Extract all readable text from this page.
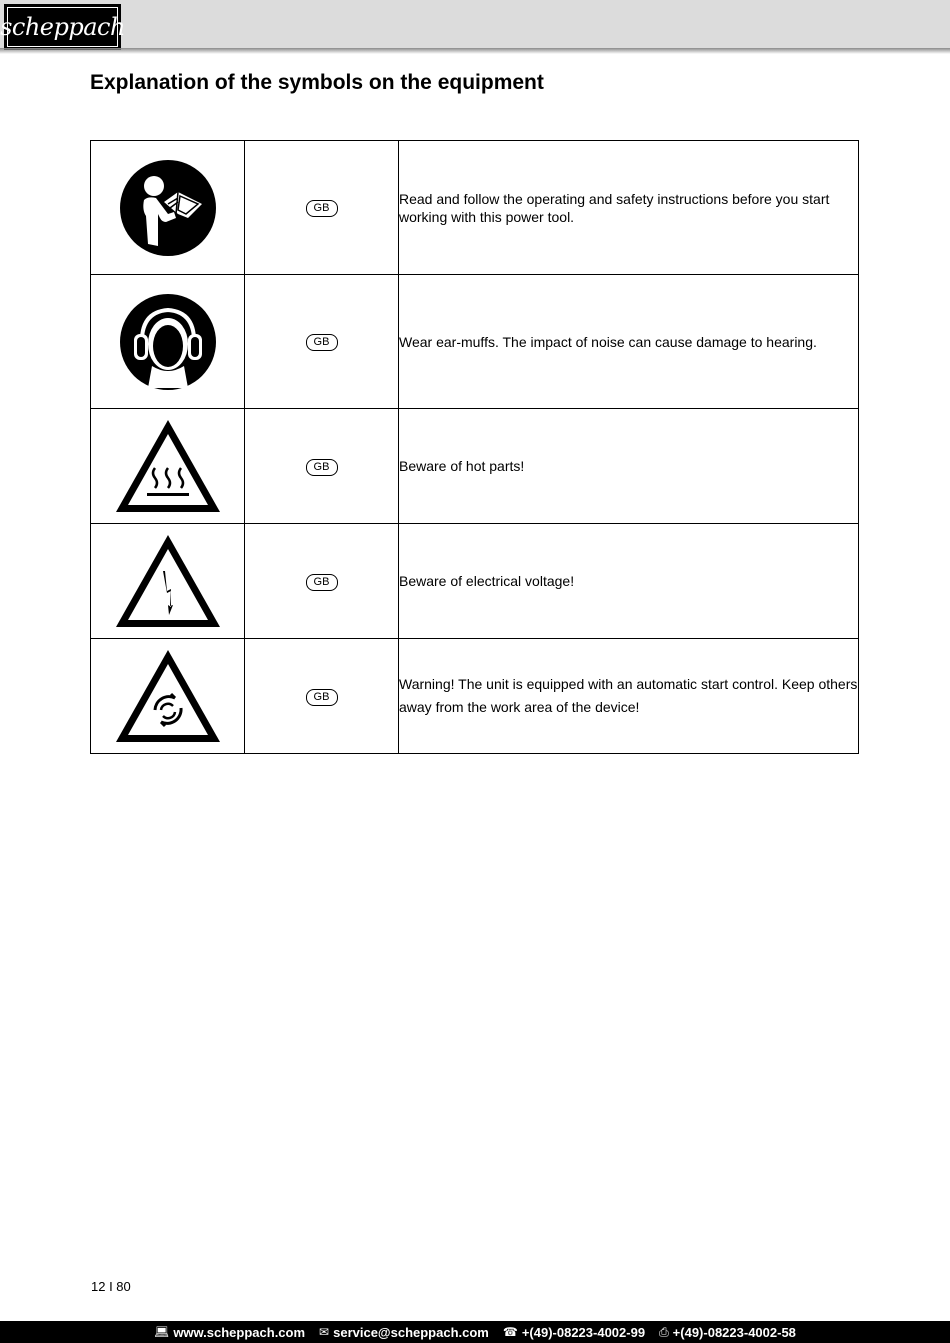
scheppach
Explanation of the symbols on the equipment
	GB	Read and follow the operating and safety instructions before you start working with this power tool.

	GB	Wear ear-muffs. The impact of noise can cause damage to hearing.

	GB	Beware of hot parts!

	GB	Beware of electrical voltage!

	GB	Warning! The unit is equipped with an automatic start control. Keep others away from the work area of the device!
12 I 80
💻︎ www.scheppach.com ✉ service@scheppach.com ☎ +(49)-08223-4002-99 ⎙ +(49)-08223-4002-58
